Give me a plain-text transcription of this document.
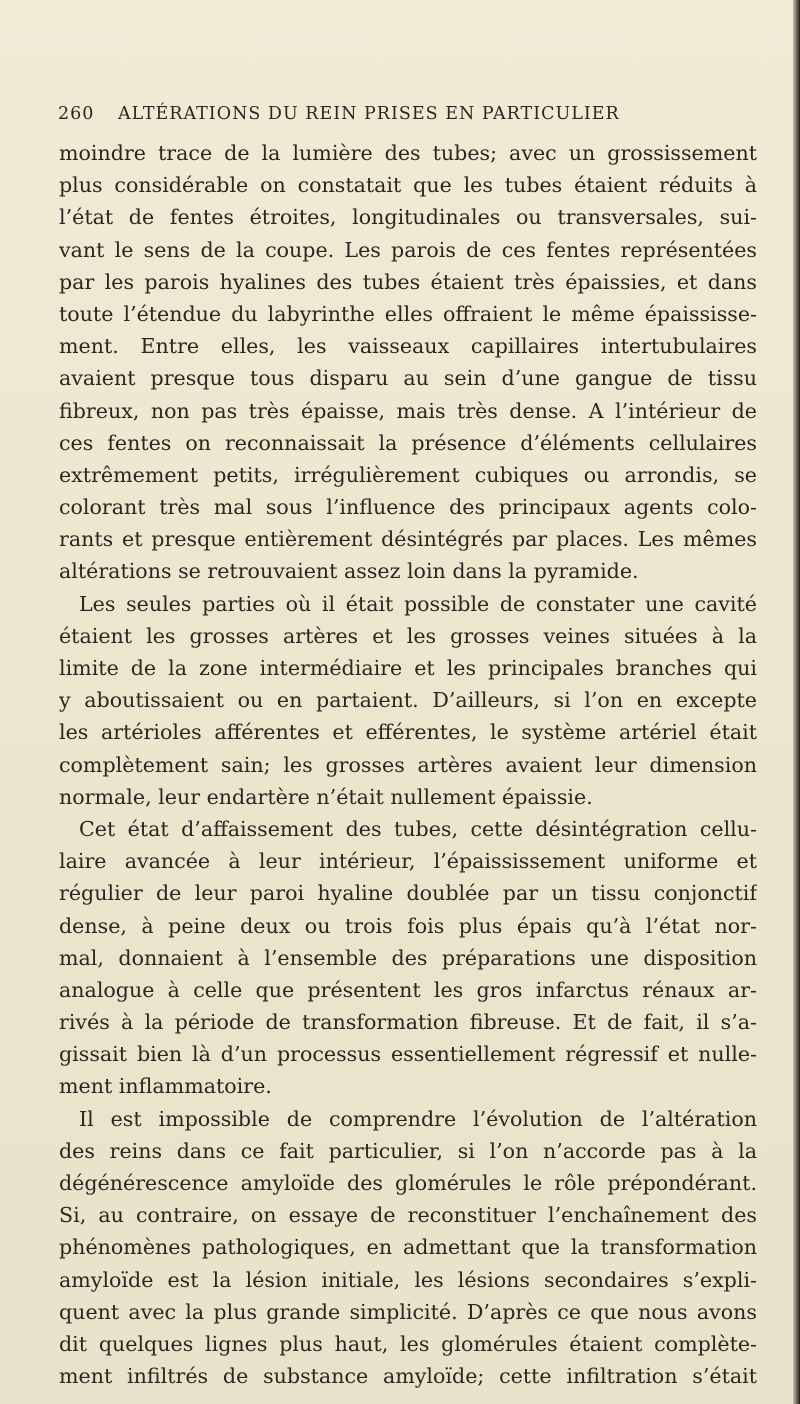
260 ALTÉRATIONS DU REIN PRISES EN PARTICULIER
moindre trace de la lumière des tubes; avec un grossissement
plus considérable on constatait que les tubes étaient réduits à
l’état de fentes étroites, longitudinales ou transversales, sui-
vant le sens de la coupe. Les parois de ces fentes représentées
par les parois hyalines des tubes étaient très épaissies, et dans
toute l’étendue du labyrinthe elles offraient le même épaississe-
ment. Entre elles, les vaisseaux capillaires intertubulaires
avaient presque tous disparu au sein d’une gangue de tissu
fibreux, non pas très épaisse, mais très dense. A l’intérieur de
ces fentes on reconnaissait la présence d’éléments cellulaires
extrêmement petits, irrégulièrement cubiques ou arrondis, se
colorant très mal sous l’influence des principaux agents colo-
rants et presque entièrement désintégrés par places. Les mêmes
altérations se retrouvaient assez loin dans la pyramide.
Les seules parties où il était possible de constater une cavité
étaient les grosses artères et les grosses veines situées à la
limite de la zone intermédiaire et les principales branches qui
y aboutissaient ou en partaient. D’ailleurs, si l’on en excepte
les artérioles afférentes et efférentes, le système artériel était
complètement sain; les grosses artères avaient leur dimension
normale, leur endartère n’était nullement épaissie.
Cet état d’affaissement des tubes, cette désintégration cellu-
laire avancée à leur intérieur, l’épaississement uniforme et
régulier de leur paroi hyaline doublée par un tissu conjonctif
dense, à peine deux ou trois fois plus épais qu’à l’état nor-
mal, donnaient à l’ensemble des préparations une disposition
analogue à celle que présentent les gros infarctus rénaux ar-
rivés à la période de transformation fibreuse. Et de fait, il s’a-
gissait bien là d’un processus essentiellement régressif et nulle-
ment inflammatoire.
Il est impossible de comprendre l’évolution de l’altération
des reins dans ce fait particulier, si l’on n’accorde pas à la
dégénérescence amyloïde des glomérules le rôle prépondérant.
Si, au contraire, on essaye de reconstituer l’enchaînement des
phénomènes pathologiques, en admettant que la transformation
amyloïde est la lésion initiale, les lésions secondaires s’expli-
quent avec la plus grande simplicité. D’après ce que nous avons
dit quelques lignes plus haut, les glomérules étaient complète-
ment infiltrés de substance amyloïde; cette infiltration s’était
